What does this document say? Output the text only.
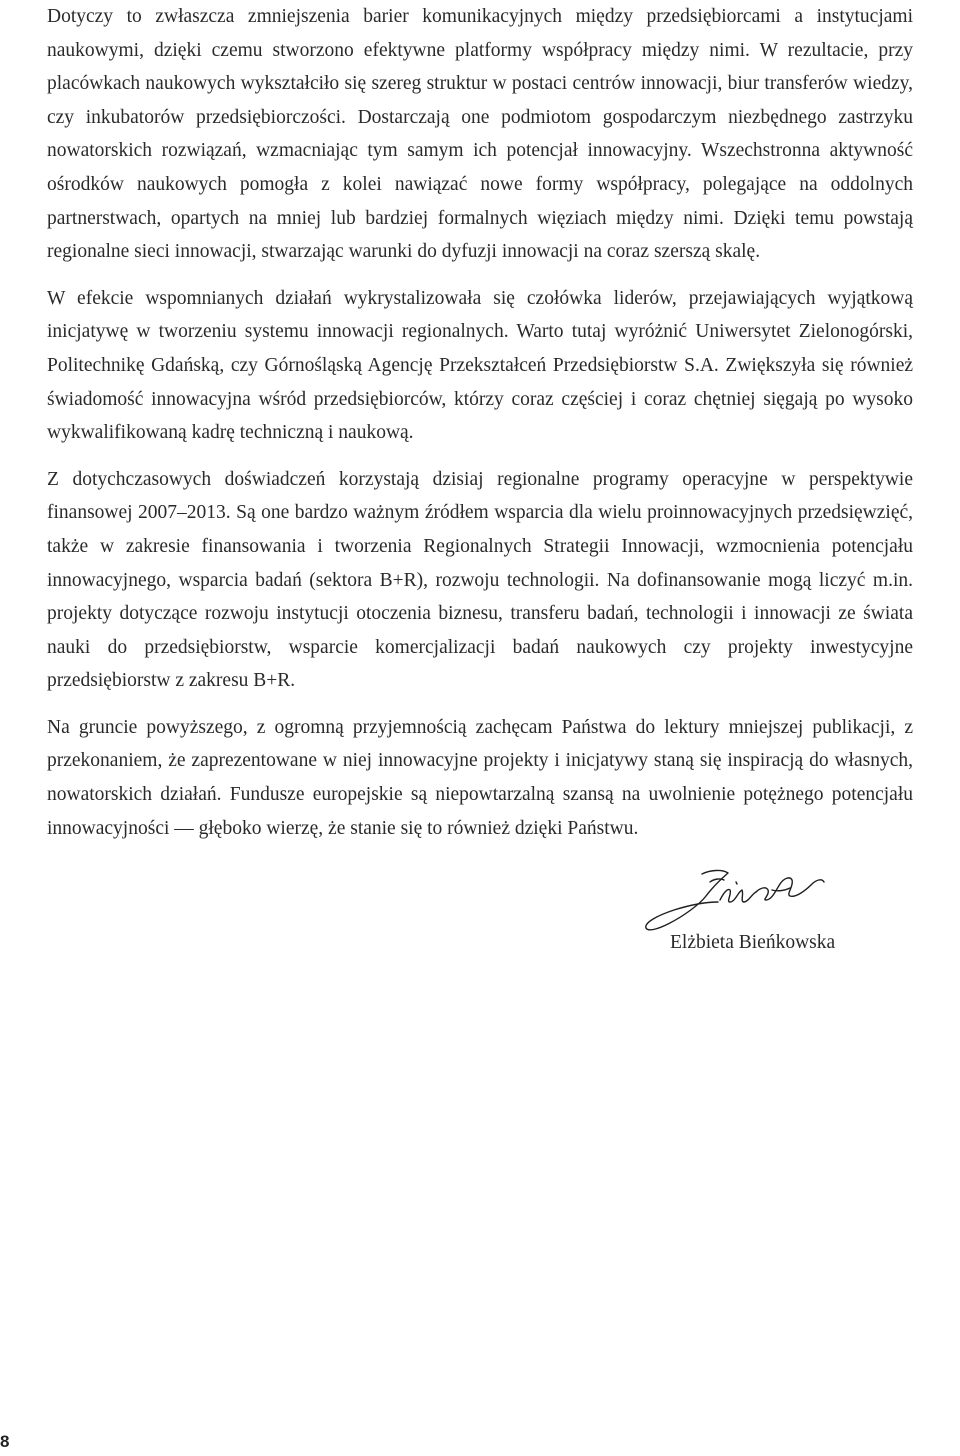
Dotyczy to zwłaszcza zmniejszenia barier komunikacyjnych między przedsiębiorcami a instytucjami naukowymi, dzięki czemu stworzono efektywne platformy współpracy między nimi. W rezultacie, przy placówkach naukowych wykształciło się szereg struktur w postaci centrów innowacji, biur transferów wiedzy, czy inkubatorów przedsiębiorczości. Dostarczają one podmiotom gospodarczym niezbędnego zastrzyku nowatorskich rozwiązań, wzmacniając tym samym ich potencjał innowacyjny. Wszechstronna aktywność ośrodków naukowych pomogła z kolei nawiązać nowe formy współpracy, polegające na oddolnych partnerstwach, opartych na mniej lub bardziej formalnych więziach między nimi. Dzięki temu powstają regionalne sieci innowacji, stwarzając warunki do dyfuzji innowacji na coraz szerszą skalę.

W efekcie wspomnianych działań wykrystalizowała się czołówka liderów, przejawiających wyjątkową inicjatywę w tworzeniu systemu innowacji regionalnych. Warto tutaj wyróżnić Uniwersytet Zielonogórski, Politechnikę Gdańską, czy Górnośląską Agencję Przekształceń Przedsiębiorstw S.A. Zwiększyła się również świadomość innowacyjna wśród przedsiębiorców, którzy coraz częściej i coraz chętniej sięgają po wysoko wykwalifikowaną kadrę techniczną i naukową.

Z dotychczasowych doświadczeń korzystają dzisiaj regionalne programy operacyjne w perspektywie finansowej 2007–2013. Są one bardzo ważnym źródłem wsparcia dla wielu proinnowacyjnych przedsięwzięć, także w zakresie finansowania i tworzenia Regionalnych Strategii Innowacji, wzmocnienia potencjału innowacyjnego, wsparcia badań (sektora B+R), rozwoju technologii. Na dofinansowanie mogą liczyć m.in. projekty dotyczące rozwoju instytucji otoczenia biznesu, transferu badań, technologii i innowacji ze świata nauki do przedsiębiorstw, wsparcie komercjalizacji badań naukowych czy projekty inwestycyjne przedsiębiorstw z zakresu B+R.

Na gruncie powyższego, z ogromną przyjemnością zachęcam Państwa do lektury mniejszej publikacji, z przekonaniem, że zaprezentowane w niej innowacyjne projekty i inicjatywy staną się inspiracją do własnych, nowatorskich działań. Fundusze europejskie są niepowtarzalną szansą na uwolnienie potężnego potencjału innowacyjności — głęboko wierzę, że stanie się to również dzięki Państwu.

Elżbieta Bieńkowska
8
